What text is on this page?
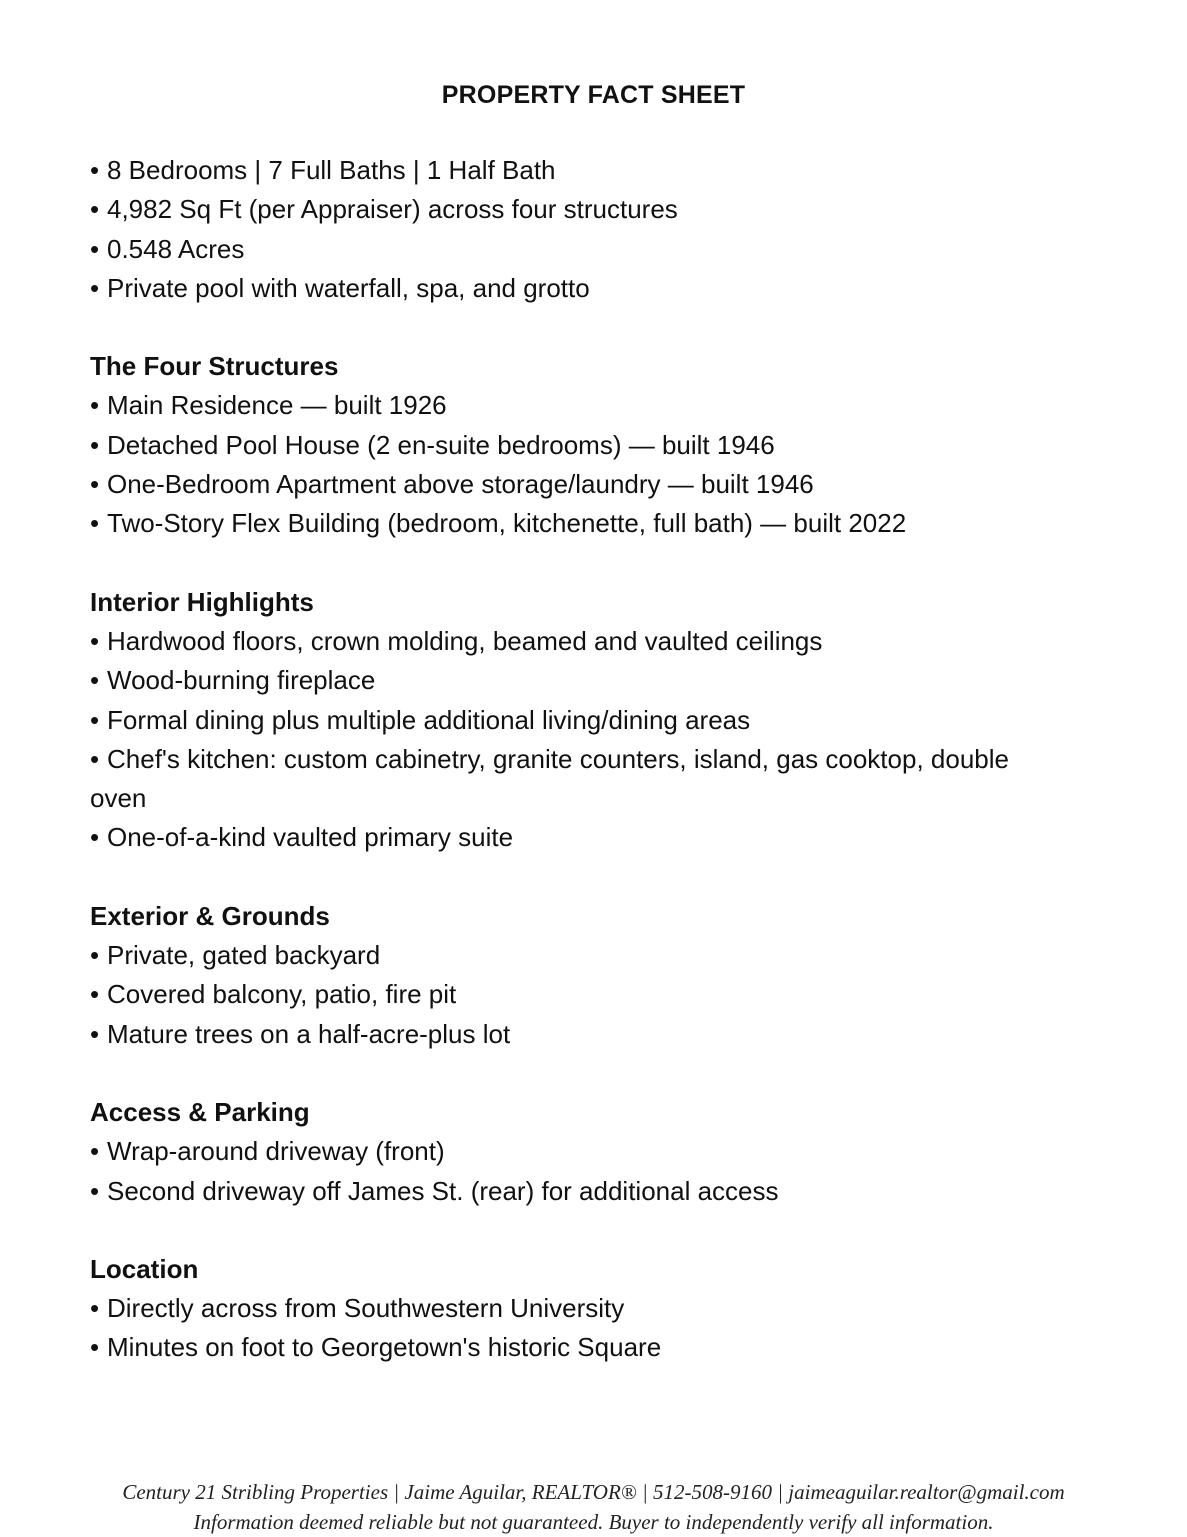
PROPERTY FACT SHEET

• 8 Bedrooms | 7 Full Baths | 1 Half Bath

• 4,982 Sq Ft (per Appraiser) across four structures

• 0.548 Acres

• Private pool with waterfall, spa, and grotto

The Four Structures

• Main Residence — built 1926

• Detached Pool House (2 en-suite bedrooms) — built 1946

• One-Bedroom Apartment above storage/laundry — built 1946

• Two-Story Flex Building (bedroom, kitchenette, full bath) — built 2022

Interior Highlights

• Hardwood floors, crown molding, beamed and vaulted ceilings

• Wood-burning fireplace

• Formal dining plus multiple additional living/dining areas

• Chef's kitchen: custom cabinetry, granite counters, island, gas cooktop, double oven

• One-of-a-kind vaulted primary suite

Exterior & Grounds

• Private, gated backyard

• Covered balcony, patio, fire pit

• Mature trees on a half-acre-plus lot

Access & Parking

• Wrap-around driveway (front)

• Second driveway off James St. (rear) for additional access

Location

• Directly across from Southwestern University

• Minutes on foot to Georgetown's historic Square

Century 21 Stribling Properties | Jaime Aguilar, REALTOR® | 512-508-9160 | jaimeaguilar.realtor@gmail.com
Information deemed reliable but not guaranteed. Buyer to independently verify all information.
